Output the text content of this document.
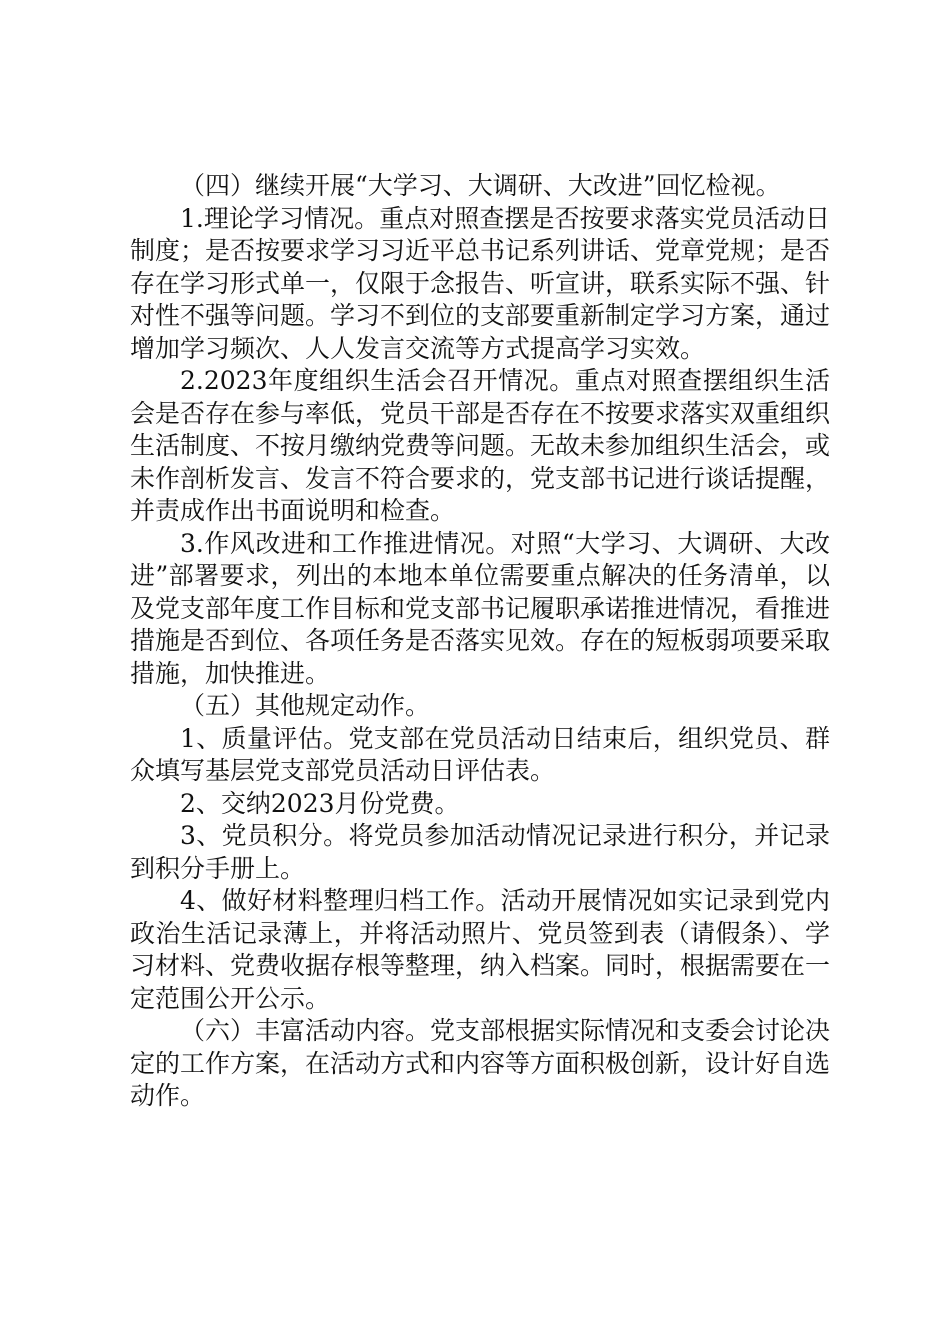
（四）继续开展“大学习、大调研、大改进”回忆检视。

1.理论学习情况。重点对照查摆是否按要求落实党员活动日制度；是否按要求学习习近平总书记系列讲话、党章党规；是否存在学习形式单一，仅限于念报告、听宣讲，联系实际不强、针对性不强等问题。学习不到位的支部要重新制定学习方案，通过增加学习频次、人人发言交流等方式提高学习实效。

2.2023年度组织生活会召开情况。重点对照查摆组织生活会是否存在参与率低，党员干部是否存在不按要求落实双重组织生活制度、不按月缴纳党费等问题。无故未参加组织生活会，或未作剖析发言、发言不符合要求的，党支部书记进行谈话提醒，并责成作出书面说明和检查。

3.作风改进和工作推进情况。对照“大学习、大调研、大改进”部署要求，列出的本地本单位需要重点解决的任务清单，以及党支部年度工作目标和党支部书记履职承诺推进情况，看推进措施是否到位、各项任务是否落实见效。存在的短板弱项要采取措施，加快推进。

（五）其他规定动作。

1、质量评估。党支部在党员活动日结束后，组织党员、群众填写基层党支部党员活动日评估表。

2、交纳2023月份党费。

3、党员积分。将党员参加活动情况记录进行积分，并记录到积分手册上。

4、做好材料整理归档工作。活动开展情况如实记录到党内政治生活记录薄上，并将活动照片、党员签到表（请假条）、学习材料、党费收据存根等整理，纳入档案。同时，根据需要在一定范围公开公示。

（六）丰富活动内容。党支部根据实际情况和支委会讨论决定的工作方案，在活动方式和内容等方面积极创新，设计好自选动作。
